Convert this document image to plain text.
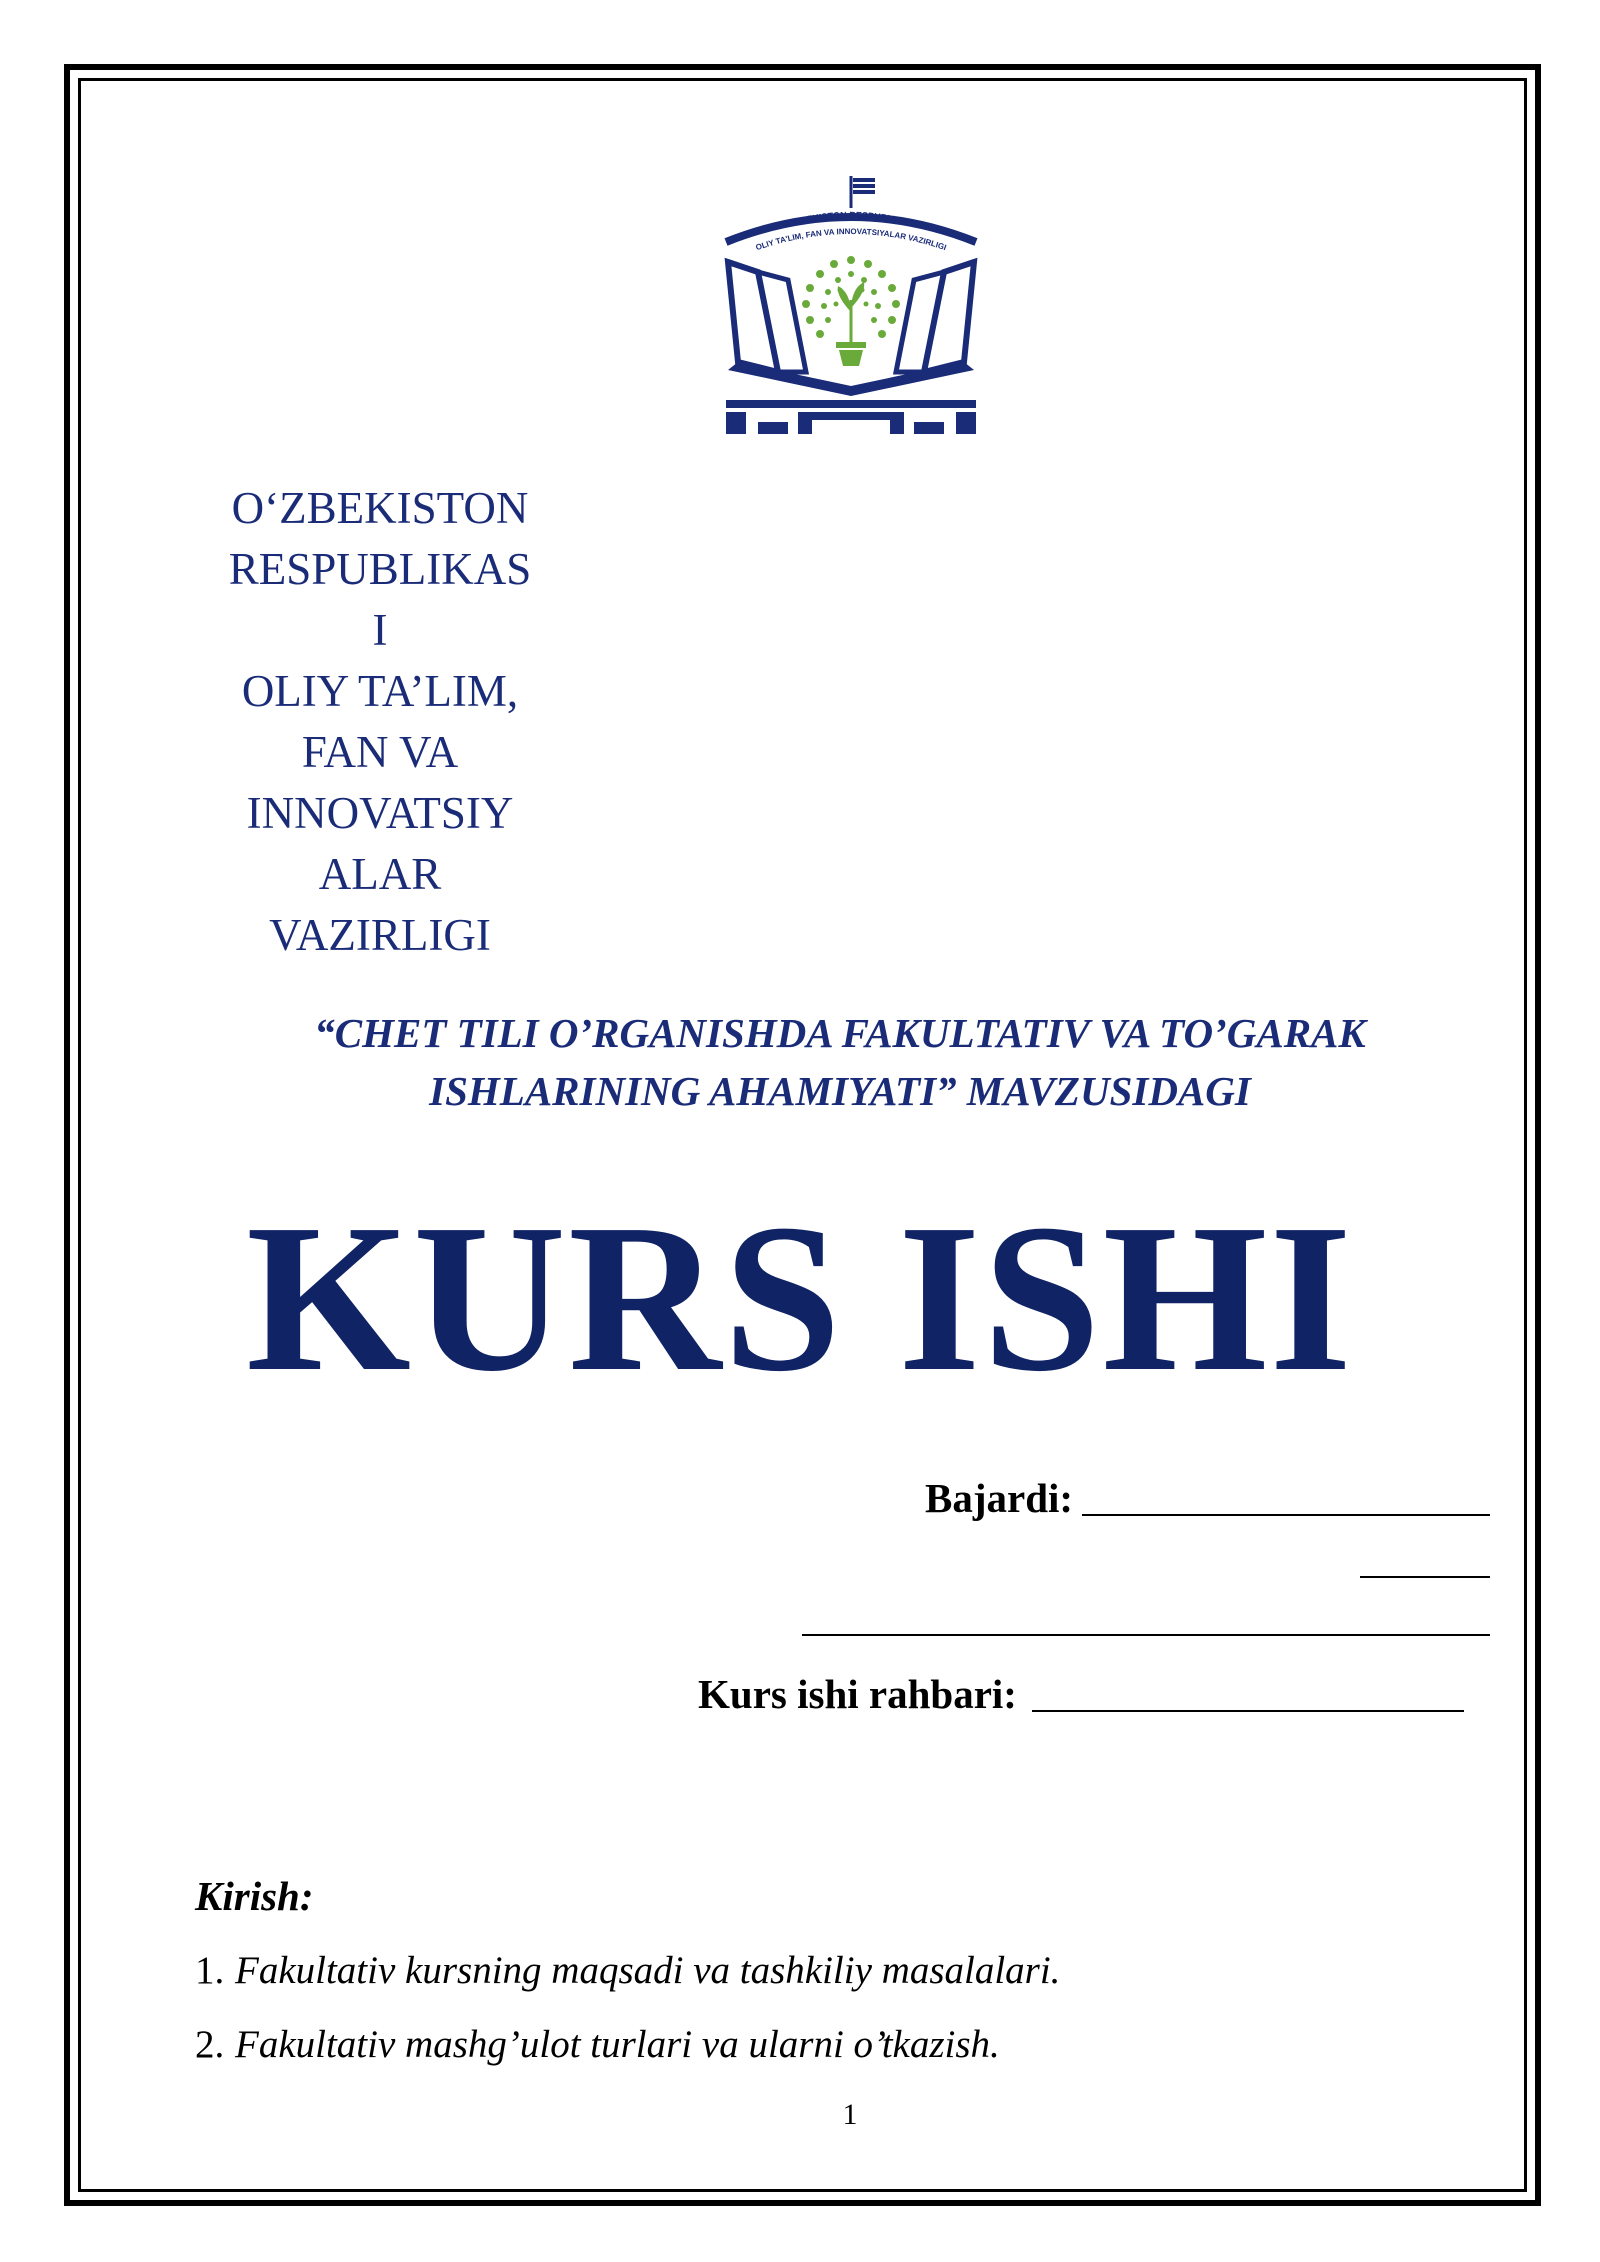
O'ZBEKISTON RESPUBLIKASI
OLIY TA'LIM, FAN VA INNOVATSIYALAR VAZIRLIGI
O‘ZBEKISTON
RESPUBLIKAS
I
OLIY TA’LIM,
FAN VA
INNOVATSIY
ALAR
VAZIRLIGI
“CHET TILI O’RGANISHDA FAKULTATIV VA TO’GARAK
ISHLARINING AHAMIYATI” MAVZUSIDAGI
KURS ISHI
Bajardi:
Kurs ishi rahbari:
Kirish:
1. Fakultativ kursning maqsadi va tashkiliy masalalari.
2. Fakultativ mashg’ulot turlari va ularni o’tkazish.
1
